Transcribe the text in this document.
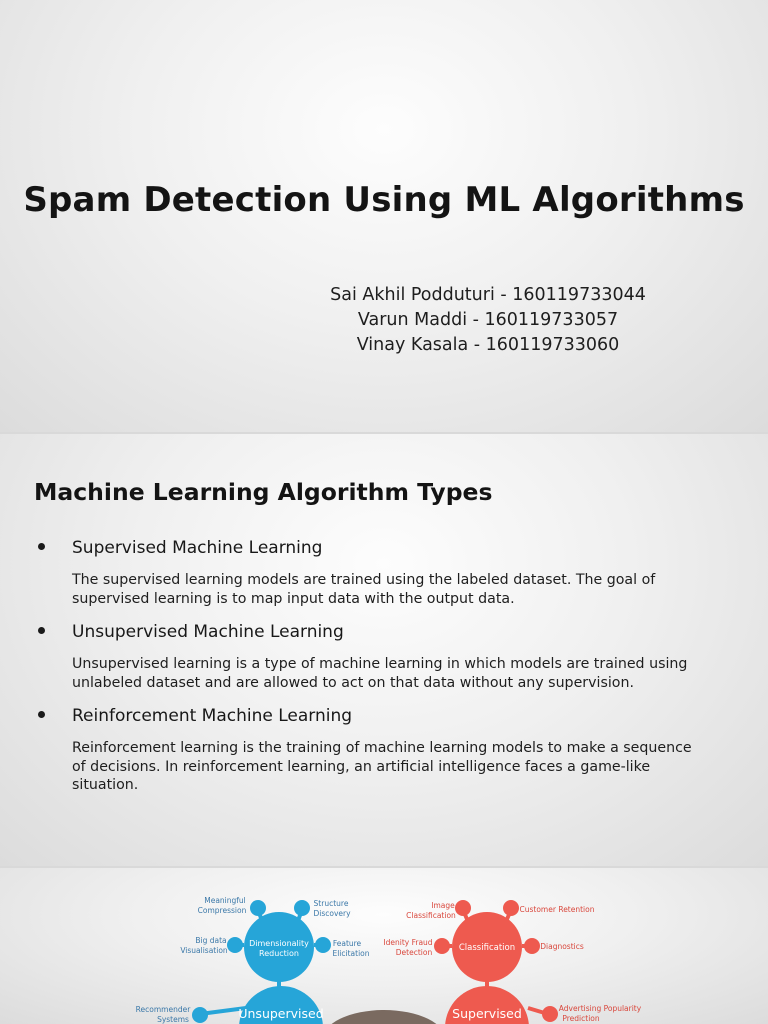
Spam Detection Using ML Algorithms
Sai Akhil Podduturi - 160119733044
Varun Maddi - 160119733057
Vinay Kasala - 160119733060
Machine Learning Algorithm Types
Supervised Machine Learning
The supervised learning models are trained using the labeled dataset. The goal of
supervised learning is to map input data with the output data.
Unsupervised Machine Learning
Unsupervised learning is a type of machine learning in which models are trained using
unlabeled dataset and are allowed to act on that data without any supervision.
Reinforcement Machine Learning
Reinforcement learning is the training of machine learning models to make a sequence
of decisions. In reinforcement learning, an artificial intelligence faces a game-like
situation.
Dimensionality
Reduction
Unsupervised
Meaningful
Compression
Structure
Discovery
Big data
Visualisation
Feature
Elicitation
Recommender
Systems
Classification
Supervised
Image
Classification
Customer Retention
Idenity Fraud
Detection
Diagnostics
Advertising Popularity
Prediction
